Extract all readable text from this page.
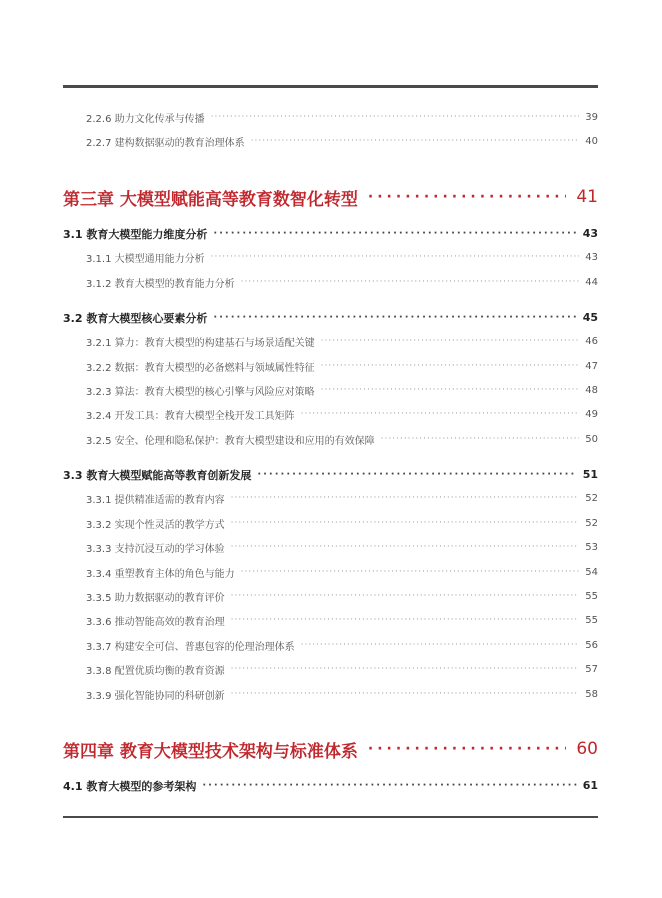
2.2.6 助力文化传承与传播 ·····	39
2.2.7 建构数据驱动的教育治理体系 ·····	40
第三章 大模型赋能高等教育数智化转型 ·····	41
3.1 教育大模型能力维度分析 ·····	43
3.1.1 大模型通用能力分析 ·····	43
3.1.2 教育大模型的教育能力分析 ·····	44
3.2 教育大模型核心要素分析 ·····	45
3.2.1 算力：教育大模型的构建基石与场景适配关键 ·····	46
3.2.2 数据：教育大模型的必备燃料与领域属性特征 ·····	47
3.2.3 算法：教育大模型的核心引擎与风险应对策略 ·····	48
3.2.4 开发工具：教育大模型全栈开发工具矩阵 ·····	49
3.2.5 安全、伦理和隐私保护：教育大模型建设和应用的有效保障 ·····	50
3.3 教育大模型赋能高等教育创新发展 ·····	51
3.3.1 提供精准适需的教育内容 ·····	52
3.3.2 实现个性灵活的教学方式 ·····	52
3.3.3 支持沉浸互动的学习体验 ·····	53
3.3.4 重塑教育主体的角色与能力 ·····	54
3.3.5 助力数据驱动的教育评价 ·····	55
3.3.6 推动智能高效的教育治理 ·····	55
3.3.7 构建安全可信、普惠包容的伦理治理体系 ·····	56
3.3.8 配置优质均衡的教育资源 ·····	57
3.3.9 强化智能协同的科研创新 ·····	58
第四章 教育大模型技术架构与标准体系 ·····	60
4.1 教育大模型的参考架构 ·····	61
